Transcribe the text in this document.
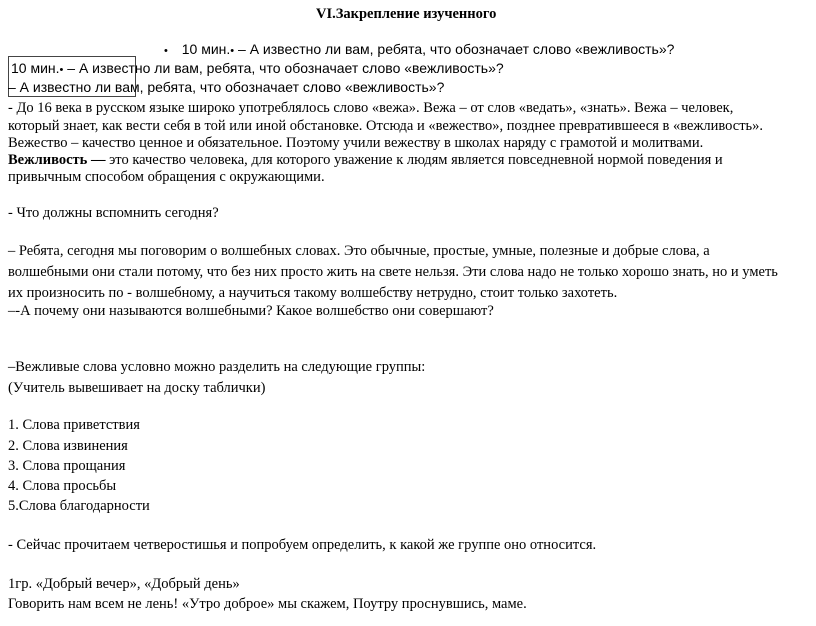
VI.Закрепление изученного
• 10 мин.• – А известно ли вам, ребята, что обозначает слово «вежливость»?
10 мин.• – А известно ли вам, ребята, что обозначает слово «вежливость»?
– А известно ли вам, ребята, что обозначает слово «вежливость»?
- До 16 века в русском языке широко употреблялось слово «вежа». Вежа – от слов «ведать», «знать». Вежа – человек,
который знает, как вести себя в той или иной обстановке. Отсюда и «вежество», позднее превратившееся в «вежливость».
Вежество – качество ценное и обязательное. Поэтому учили вежеству в школах наряду с грамотой и молитвами.
Вежливость — это качество человека, для которого уважение к людям является повседневной нормой поведения и
привычным способом обращения с окружающими.
- Что должны вспомнить сегодня?
– Ребята, сегодня мы поговорим о волшебных словах. Это обычные, простые, умные, полезные и добрые слова, а
волшебными они стали потому, что без них просто жить на свете нельзя. Эти слова надо не только хорошо знать, но и уметь
их произносить по - волшебному, а научиться такому волшебству нетрудно, стоит только захотеть.
–-А почему они называются волшебными? Какое волшебство они совершают?
–Вежливые слова условно можно разделить на следующие группы:
(Учитель вывешивает на доску таблички)
1. Слова приветствия
2. Слова извинения
3. Слова прощания
4. Слова просьбы
5.Слова благодарности
- Сейчас прочитаем четверостишья и попробуем определить, к какой же группе оно относится.
1гр. «Добрый вечер», «Добрый день»
Говорить нам всем не лень! «Утро доброе» мы скажем, Поутру проснувшись, маме.
